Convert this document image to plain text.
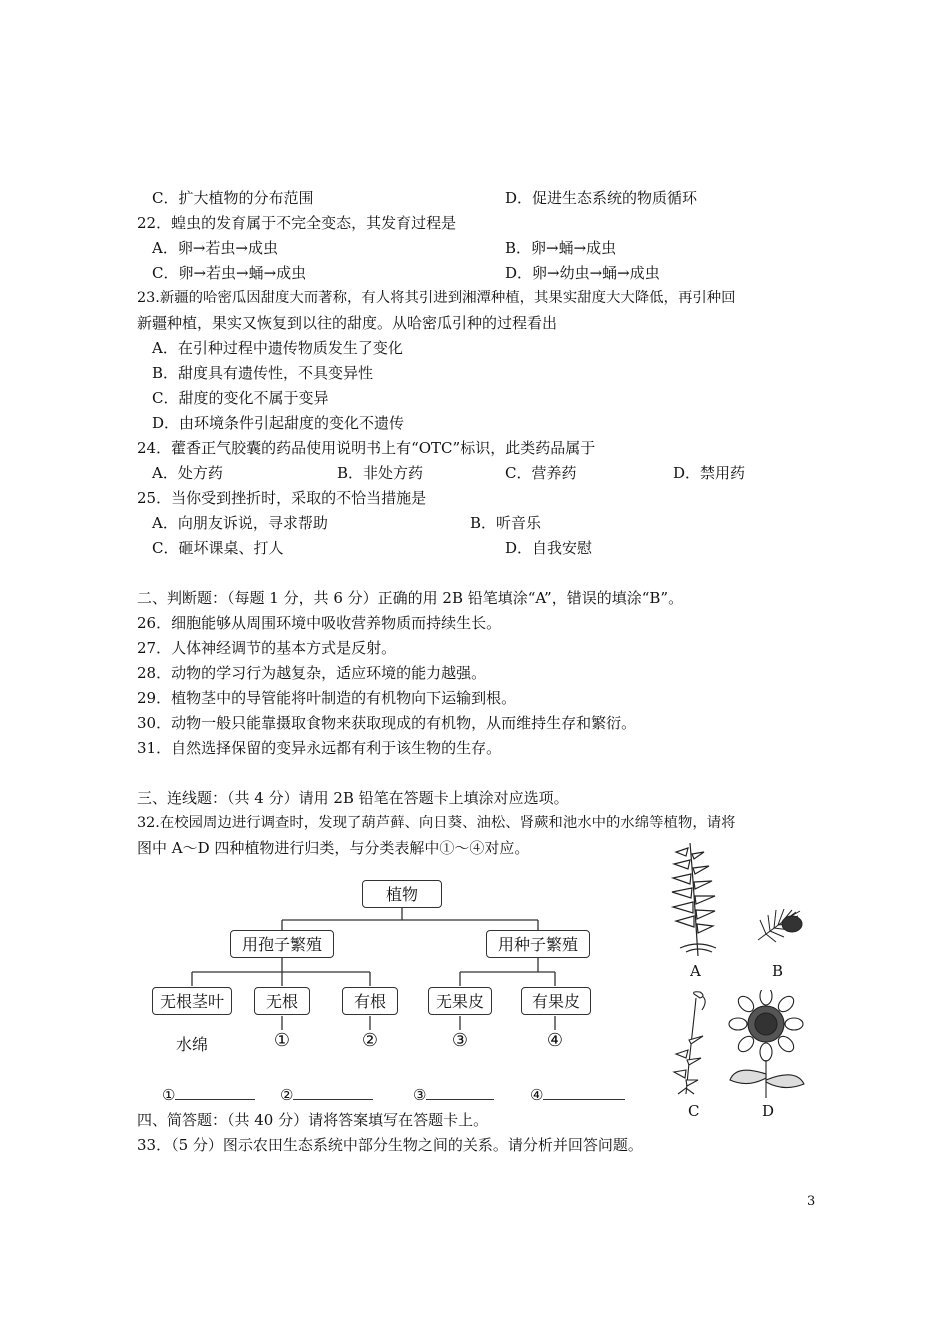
C．扩大植物的分布范围	D．促进生态系统的物质循环
22．蝗虫的发育属于不完全变态，其发育过程是
A．卵→若虫→成虫	B．卵→蛹→成虫
C．卵→若虫→蛹→成虫	D．卵→幼虫→蛹→成虫
23.新疆的哈密瓜因甜度大而著称，有人将其引进到湘潭种植，其果实甜度大大降低，再引种回
新疆种植，果实又恢复到以往的甜度。从哈密瓜引种的过程看出
A．在引种过程中遗传物质发生了变化
B．甜度具有遗传性，不具变异性
C．甜度的变化不属于变异
D．由环境条件引起甜度的变化不遗传
24．藿香正气胶囊的药品使用说明书上有“OTC”标识，此类药品属于
A．处方药	B．非处方药	C．营养药	D．禁用药
25．当你受到挫折时，采取的不恰当措施是
A．向朋友诉说，寻求帮助	B．听音乐
C．砸坏课桌、打人	D．自我安慰
二、判断题：（每题 1 分，共 6 分）正确的用 2B 铅笔填涂“A”，错误的填涂“B”。
26．细胞能够从周围环境中吸收营养物质而持续生长。
27．人体神经调节的基本方式是反射。
28．动物的学习行为越复杂，适应环境的能力越强。
29．植物茎中的导管能将叶制造的有机物向下运输到根。
30．动物一般只能靠摄取食物来获取现成的有机物，从而维持生存和繁衍。
31．自然选择保留的变异永远都有利于该生物的生存。
三、连线题：（共 4 分）请用 2B 铅笔在答题卡上填涂对应选项。
32.在校园周边进行调查时，发现了葫芦藓、向日葵、油松、肾蕨和池水中的水绵等植物，请将
图中 A～D 四种植物进行归类，与分类表解中①～④对应。
植物
用孢子繁殖	用种子繁殖
无根茎叶	无根	有根	无果皮	有果皮
水绵	①	②	③	④
①	②	③	④
A	B
C	D
四、简答题：（共 40 分）请将答案填写在答题卡上。
33．（5 分）图示农田生态系统中部分生物之间的关系。请分析并回答问题。
3
